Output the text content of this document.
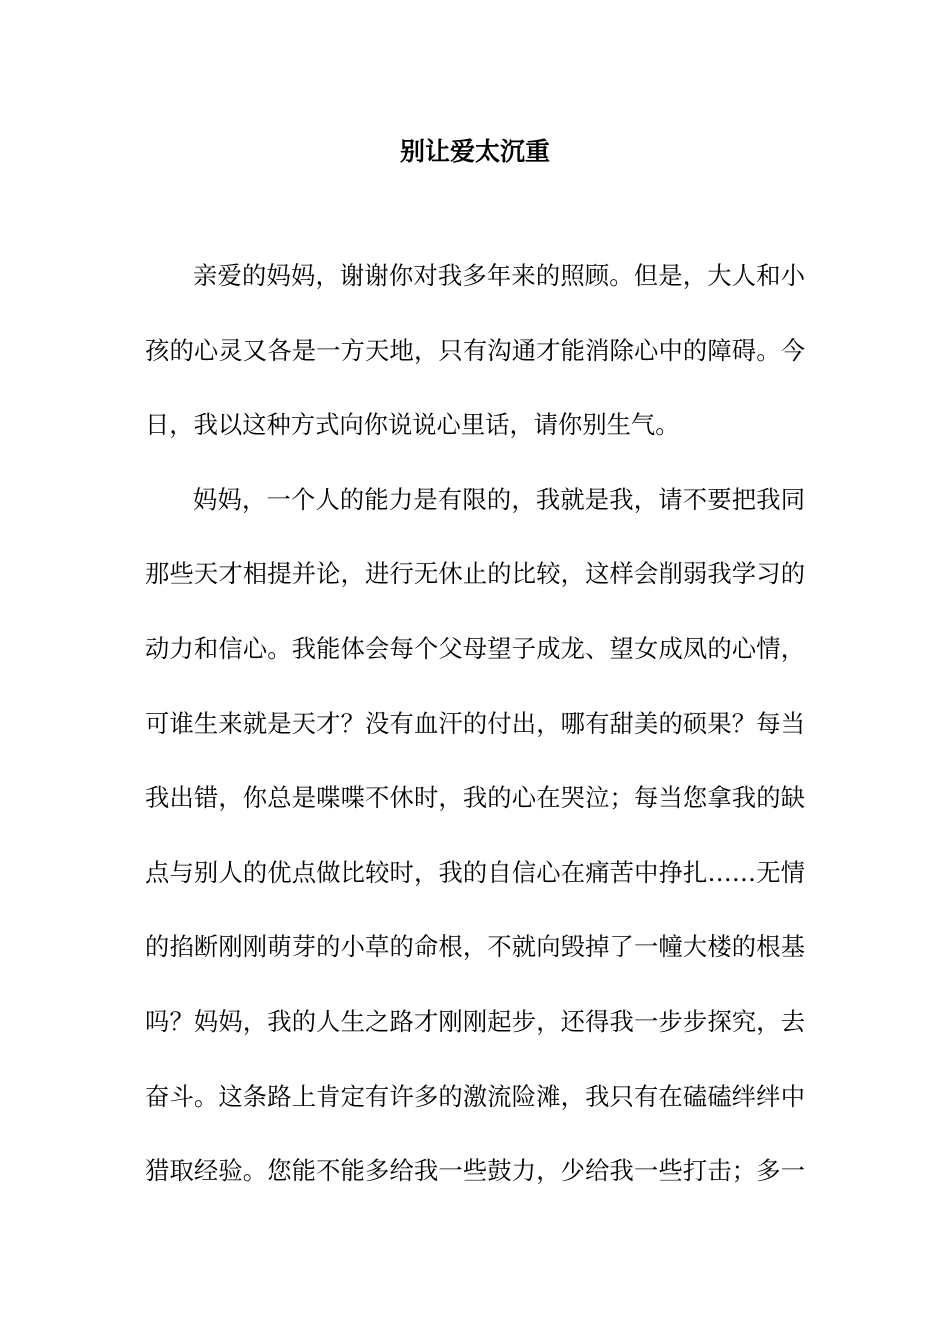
别让爱太沉重
亲爱的妈妈，谢谢你对我多年来的照顾。但是，大人和小
孩的心灵又各是一方天地，只有沟通才能消除心中的障碍。今
日，我以这种方式向你说说心里话，请你别生气。
妈妈，一个人的能力是有限的，我就是我，请不要把我同
那些天才相提并论，进行无休止的比较，这样会削弱我学习的
动力和信心。我能体会每个父母望子成龙、望女成凤的心情，
可谁生来就是天才？没有血汗的付出，哪有甜美的硕果？每当
我出错，你总是喋喋不休时，我的心在哭泣；每当您拿我的缺
点与别人的优点做比较时，我的自信心在痛苦中挣扎……无情
的掐断刚刚萌芽的小草的命根，不就向毁掉了一幢大楼的根基
吗？妈妈，我的人生之路才刚刚起步，还得我一步步探究，去
奋斗。这条路上肯定有许多的激流险滩，我只有在磕磕绊绊中
猎取经验。您能不能多给我一些鼓力，少给我一些打击；多一
